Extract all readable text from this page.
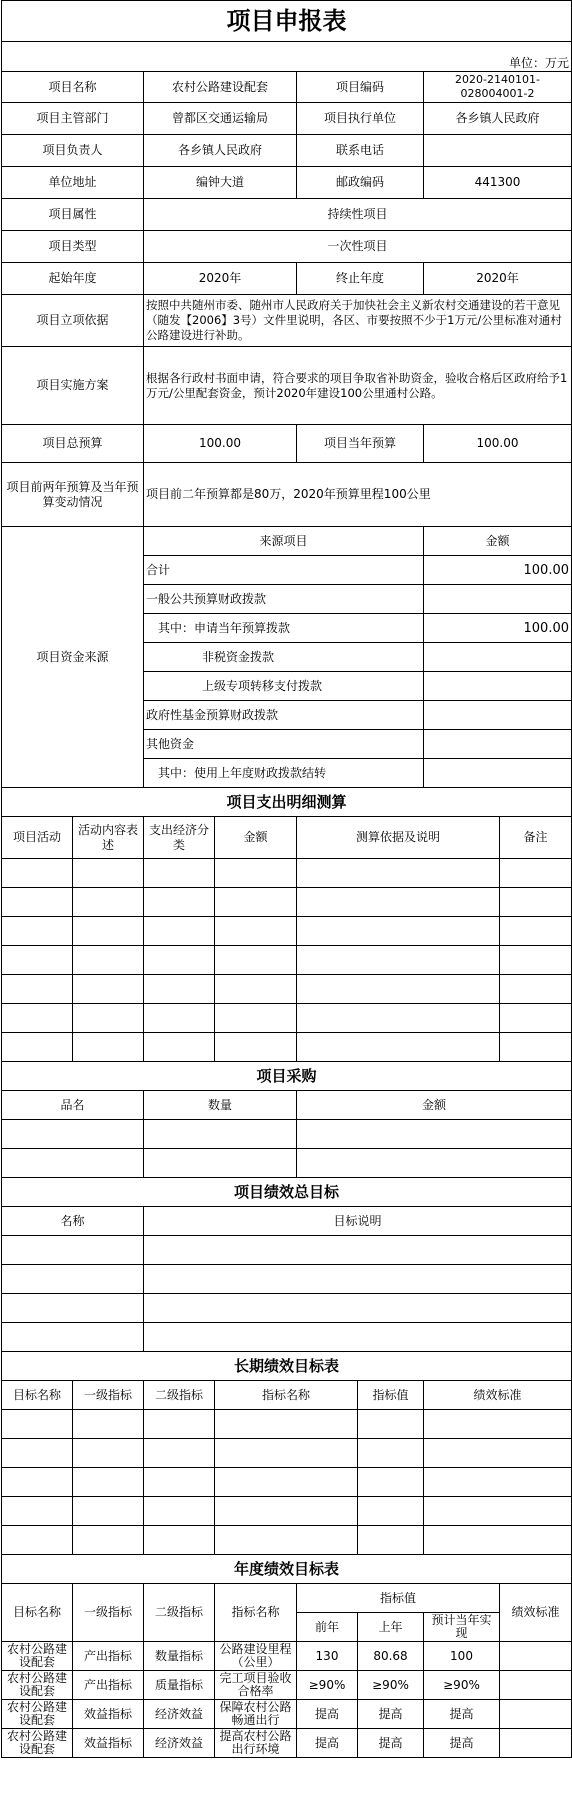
项目申报表							
单位：万元							
项目名称		农村公路建设配套		项目编码		2020-2140101-028004001-2	
项目主管部门		曾都区交通运输局		项目执行单位		各乡镇人民政府	
项目负责人		各乡镇人民政府		联系电话			
单位地址		编钟大道		邮政编码		441300	
项目属性		持续性项目					
项目类型		一次性项目					
起始年度		2020年		终止年度		2020年	
项目立项依据		按照中共随州市委、随州市人民政府关于加快社会主义新农村交通建设的若干意见（随发【2006】3号）文件里说明，各区、市要按照不少于1万元/公里标准对通村公路建设进行补助。					
项目实施方案		根据各行政村书面申请，符合要求的项目争取省补助资金，验收合格后区政府给予1万元/公里配套资金，预计2020年建设100公里通村公路。					
项目总预算		100.00		项目当年预算		100.00	
项目前两年预算及当年预算变动情况		项目前二年预算都是80万，2020年预算里程100公里					
项目资金来源		来源项目				金额	
		合计				100.00	
		一般公共预算财政拨款					
		其中：申请当年预算拨款				100.00	
		非税资金拨款					
		上级专项转移支付拨款					
		政府性基金预算财政拨款					
		其他资金					
		其中：使用上年度财政拨款结转					
项目支出明细测算							
项目活动	活动内容表述	支出经济分类	金额	测算依据及说明			备注

项目采购							
品名		数量		金额			

项目绩效总目标							
名称		目标说明					

长期绩效目标表							
目标名称	一级指标	二级指标	指标名称		指标值	绩效标准	

年度绩效目标表							
目标名称	一级指标	二级指标	指标名称	指标值			绩效标准
				前年	上年	预计当年实现	
农村公路建设配套	产出指标	数量指标	公路建设里程（公里）	130	80.68	100	
农村公路建设配套	产出指标	质量指标	完工项目验收合格率	≥90%	≥90%	≥90%	
农村公路建设配套	效益指标	经济效益	保障农村公路畅通出行	提高	提高	提高	
农村公路建设配套	效益指标	经济效益	提高农村公路出行环境	提高	提高	提高	
